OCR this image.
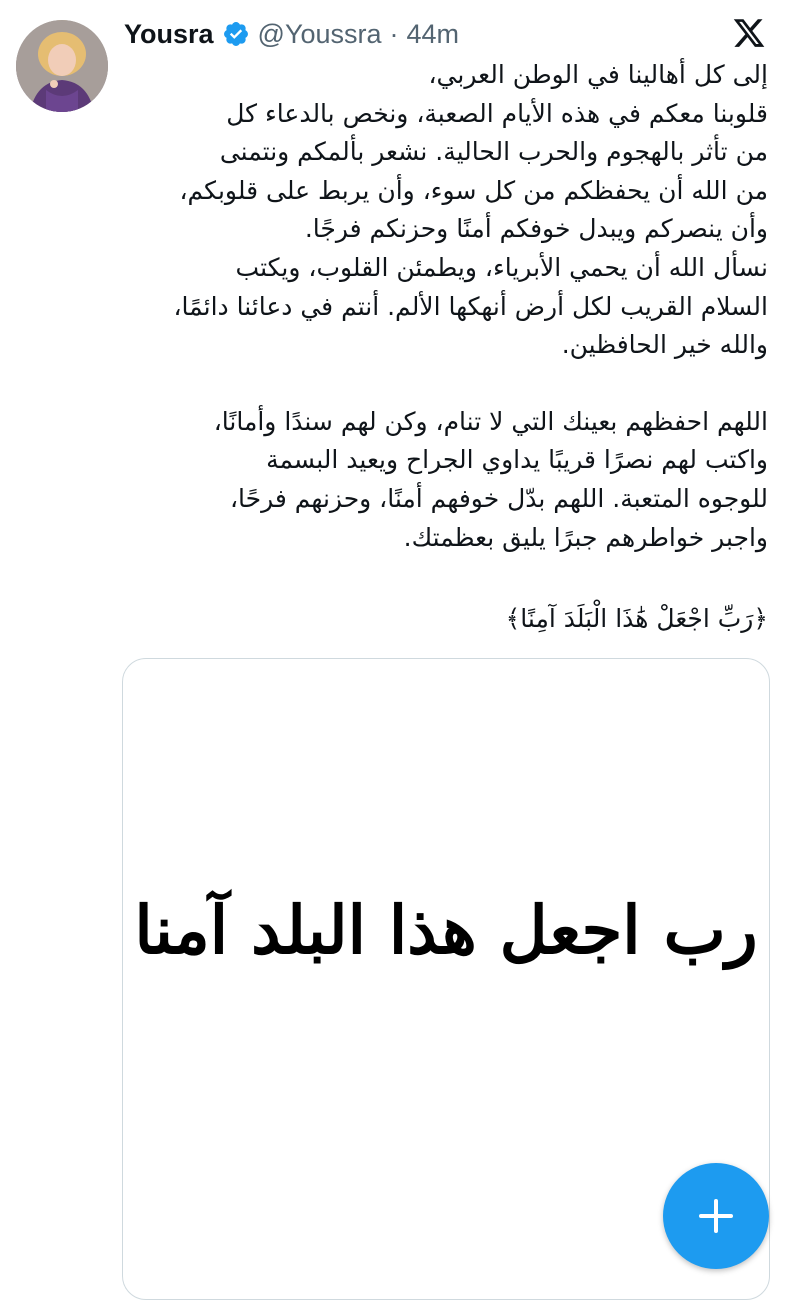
Yousra @Youssra · 44m

إلى كل أهالينا في الوطن العربي،
قلوبنا معكم في هذه الأيام الصعبة، ونخص بالدعاء كل
من تأثر بالهجوم والحرب الحالية. نشعر بألمكم ونتمنى
من الله أن يحفظكم من كل سوء، وأن يربط على قلوبكم،
وأن ينصركم ويبدل خوفكم أمنًا وحزنكم فرجًا.
نسأل الله أن يحمي الأبرياء، ويطمئن القلوب، ويكتب
السلام القريب لكل أرض أنهكها الألم. أنتم في دعائنا دائمًا،
والله خير الحافظين.

اللهم احفظهم بعينك التي لا تنام، وكن لهم سندًا وأمانًا،
واكتب لهم نصرًا قريبًا يداوي الجراح ويعيد البسمة
للوجوه المتعبة. اللهم بدّل خوفهم أمنًا، وحزنهم فرحًا،
واجبر خواطرهم جبرًا يليق بعظمتك.

﴿رَبِّ اجْعَلْ هَٰذَا الْبَلَدَ آمِنًا﴾
رب اجعل هذا البلد آمنا
